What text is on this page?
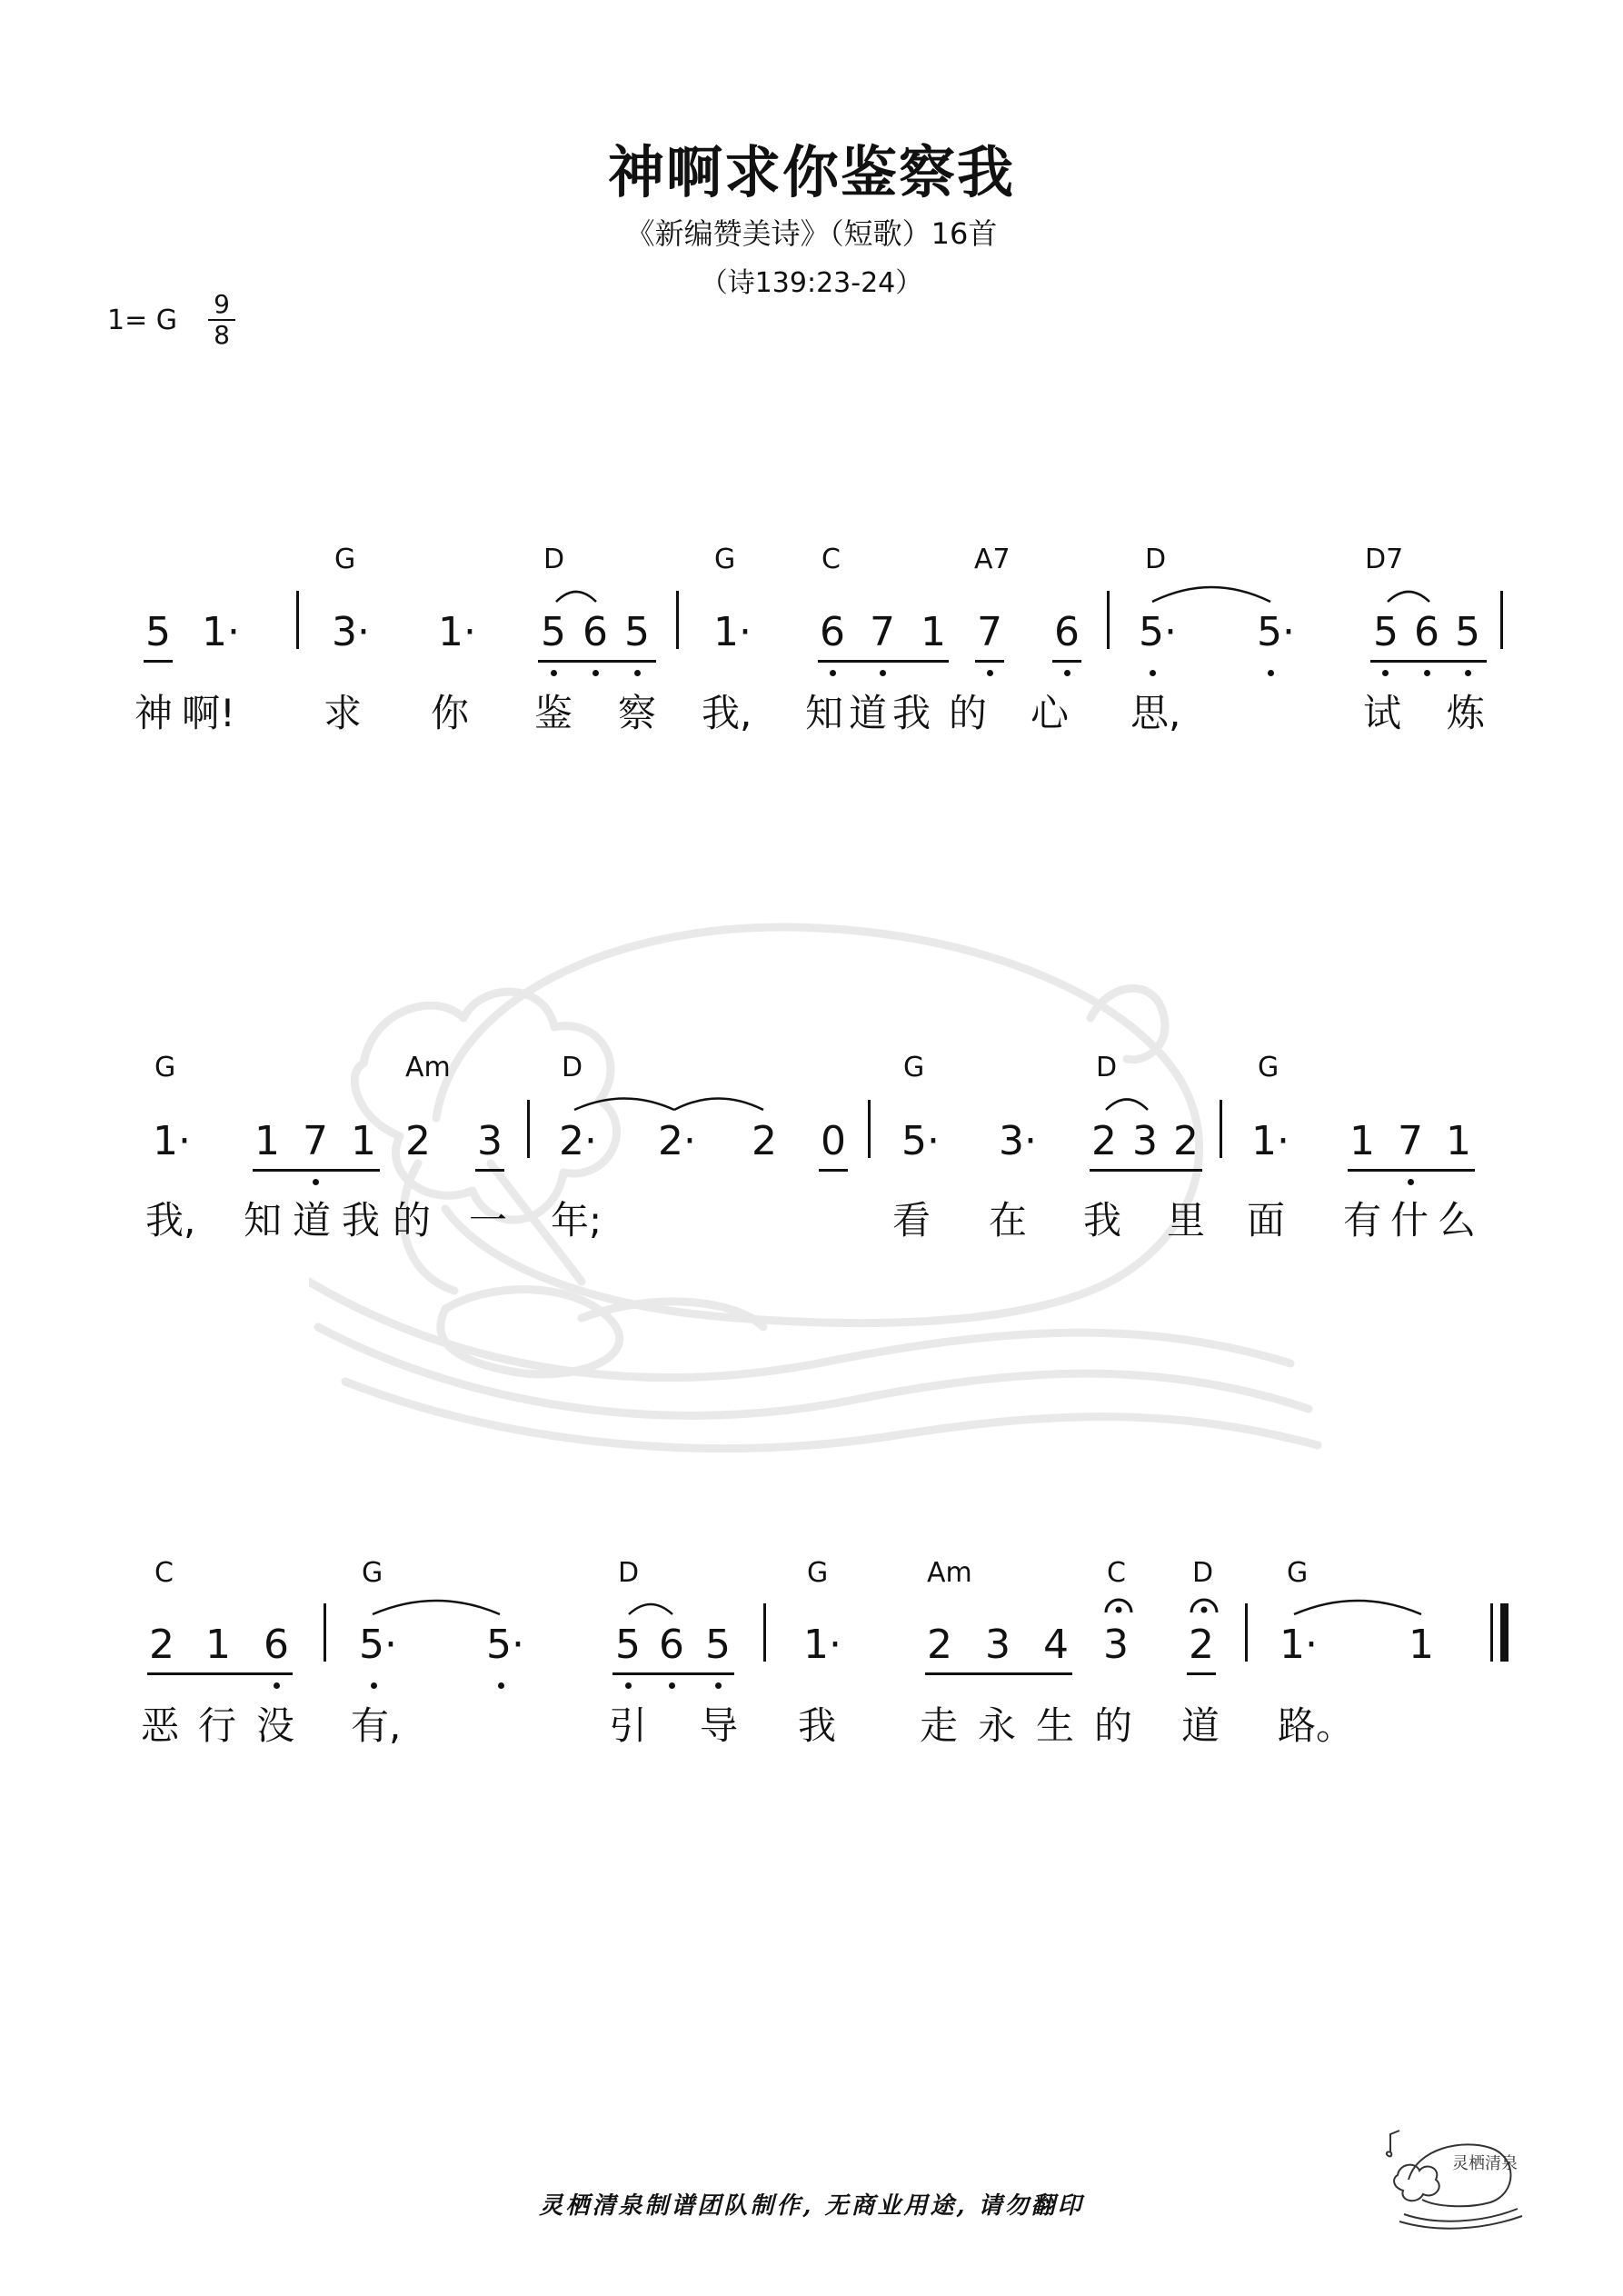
神啊求你鉴察我
《新编赞美诗》（短歌）16首
（诗139:23-24）
1= G
9
8
G	D	G	C	A7	D	D7
5 1· 3· 1· 5 6 5 1· 6 7 1 7 6 5· 5· 5 6 5
神 啊! 求 你 鉴 察 我, 知 道 我 的 心 思,	试 炼
G	Am	D	G	D	G
1· 1 7 1 2 3 2· 2· 2 0 5· 3· 2 3 2 1· 1 7 1
我, 知 道 我 的 一 年;	看 在 我 里 面 有 什 么
C	G	D	G	Am	C D	G
2 1 6 5· 5· 5 6 5 1· 2 3 4 3 2 1· 1
恶 行 没 有,	引 导 我 走 永 生 的 道 路。
灵栖清泉制谱团队制作, 无商业用途, 请勿翻印
灵栖清泉
